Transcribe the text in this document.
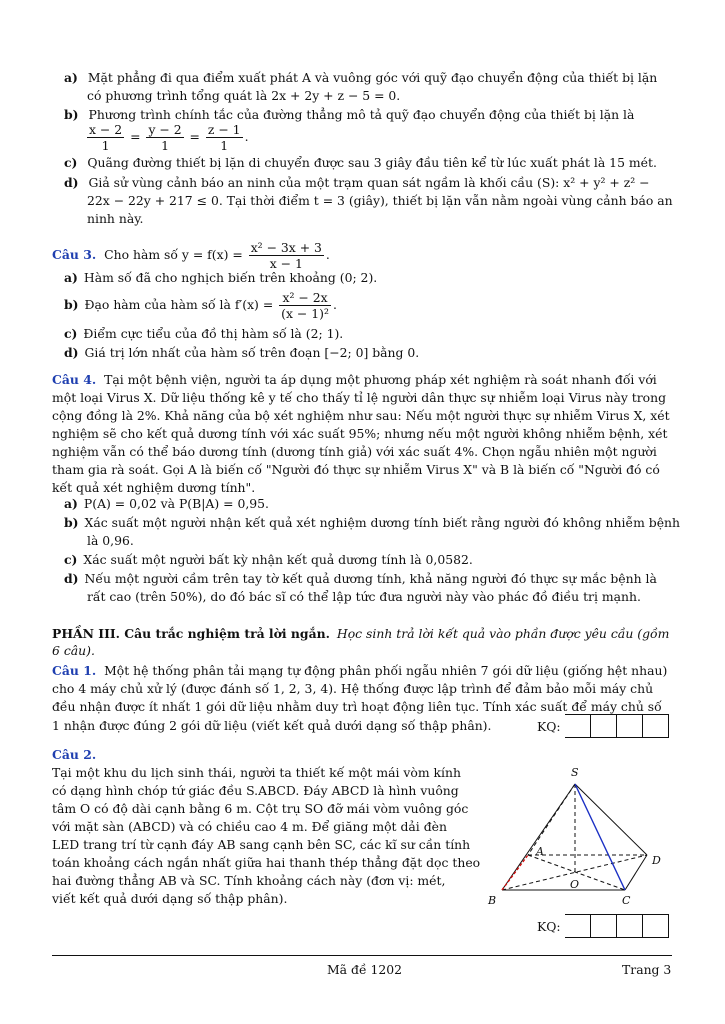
a) Mặt phẳng đi qua điểm xuất phát A và vuông góc với quỹ đạo chuyển động của thiết bị lặn
có phương trình tổng quát là 2x + 2y + z − 5 = 0.
b) Phương trình chính tắc của đường thẳng mô tả quỹ đạo chuyển động của thiết bị lặn là
$\frac{x - 2}{1} = \frac{y - 2}{1} = \frac{z - 1}{1}$ .
c) Quãng đường thiết bị lặn di chuyển được sau 3 giây đầu tiên kể từ lúc xuất phát là 15 mét.
d) Giả sử vùng cảnh báo an ninh của một trạm quan sát ngầm là khối cầu (S): x² + y² + z² −
22x − 22y + 217 ≤ 0. Tại thời điểm t = 3 (giây), thiết bị lặn vẫn nằm ngoài vùng cảnh báo an
ninh này.
Câu 3. Cho hàm số $y = f(x) = \frac{\text{x² − 3x + 3}}{x - 1}$ .
a) Hàm số đã cho nghịch biến trên khoảng (0; 2).
b) Đạo hàm của hàm số là $f'(x) = \frac{\text{x² − 2x}}{\text{(x − 1)²}}$ .
c) Điểm cực tiểu của đồ thị hàm số là (2; 1).
d) Giá trị lớn nhất của hàm số trên đoạn [−2; 0] bằng 0.
Câu 4. Tại một bệnh viện, người ta áp dụng một phương pháp xét nghiệm rà soát nhanh đối với
một loại Virus X. Dữ liệu thống kê y tế cho thấy tỉ lệ người dân thực sự nhiễm loại Virus này trong
cộng đồng là 2%. Khả năng của bộ xét nghiệm như sau: Nếu một người thực sự nhiễm Virus X, xét
nghiệm sẽ cho kết quả dương tính với xác suất 95%; nhưng nếu một người không nhiễm bệnh, xét
nghiệm vẫn có thể báo dương tính (dương tính giả) với xác suất 4%. Chọn ngẫu nhiên một người
tham gia rà soát. Gọi A là biến cố "Người đó thực sự nhiễm Virus X" và B là biến cố "Người đó có
kết quả xét nghiệm dương tính".
a) P(A) = 0,02 và P(B|A) = 0,95.
b) Xác suất một người nhận kết quả xét nghiệm dương tính biết rằng người đó không nhiễm bệnh
là 0,96.
c) Xác suất một người bất kỳ nhận kết quả dương tính là 0,0582.
d) Nếu một người cầm trên tay tờ kết quả dương tính, khả năng người đó thực sự mắc bệnh là
rất cao (trên 50%), do đó bác sĩ có thể lập tức đưa người này vào phác đồ điều trị mạnh.
PHẦN III. Câu trắc nghiệm trả lời ngắn. Học sinh trả lời kết quả vào phần được yêu cầu (gồm
6 câu).
Câu 1. Một hệ thống phân tải mạng tự động phân phối ngẫu nhiên 7 gói dữ liệu (giống hệt nhau)
cho 4 máy chủ xử lý (được đánh số 1, 2, 3, 4). Hệ thống được lập trình để đảm bảo mỗi máy chủ
đều nhận được ít nhất 1 gói dữ liệu nhằm duy trì hoạt động liên tục. Tính xác suất để máy chủ số
1 nhận được đúng 2 gói dữ liệu (viết kết quả dưới dạng số thập phân).	KQ:
Câu 2.
Tại một khu du lịch sinh thái, người ta thiết kế một mái vòm kính
có dạng hình chóp tứ giác đều S.ABCD. Đáy ABCD là hình vuông
tâm O có độ dài cạnh bằng 6 m. Cột trụ SO đỡ mái vòm vuông góc
với mặt sàn (ABCD) và có chiều cao 4 m. Để giăng một dải đèn
LED trang trí từ cạnh đáy AB sang cạnh bên SC, các kĩ sư cần tính
toán khoảng cách ngắn nhất giữa hai thanh thép thẳng đặt dọc theo
hai đường thẳng AB và SC. Tính khoảng cách này (đơn vị: mét,
viết kết quả dưới dạng số thập phân).
S
A
B	C
D
O
KQ:
Mã đề 1202	Trang 3
